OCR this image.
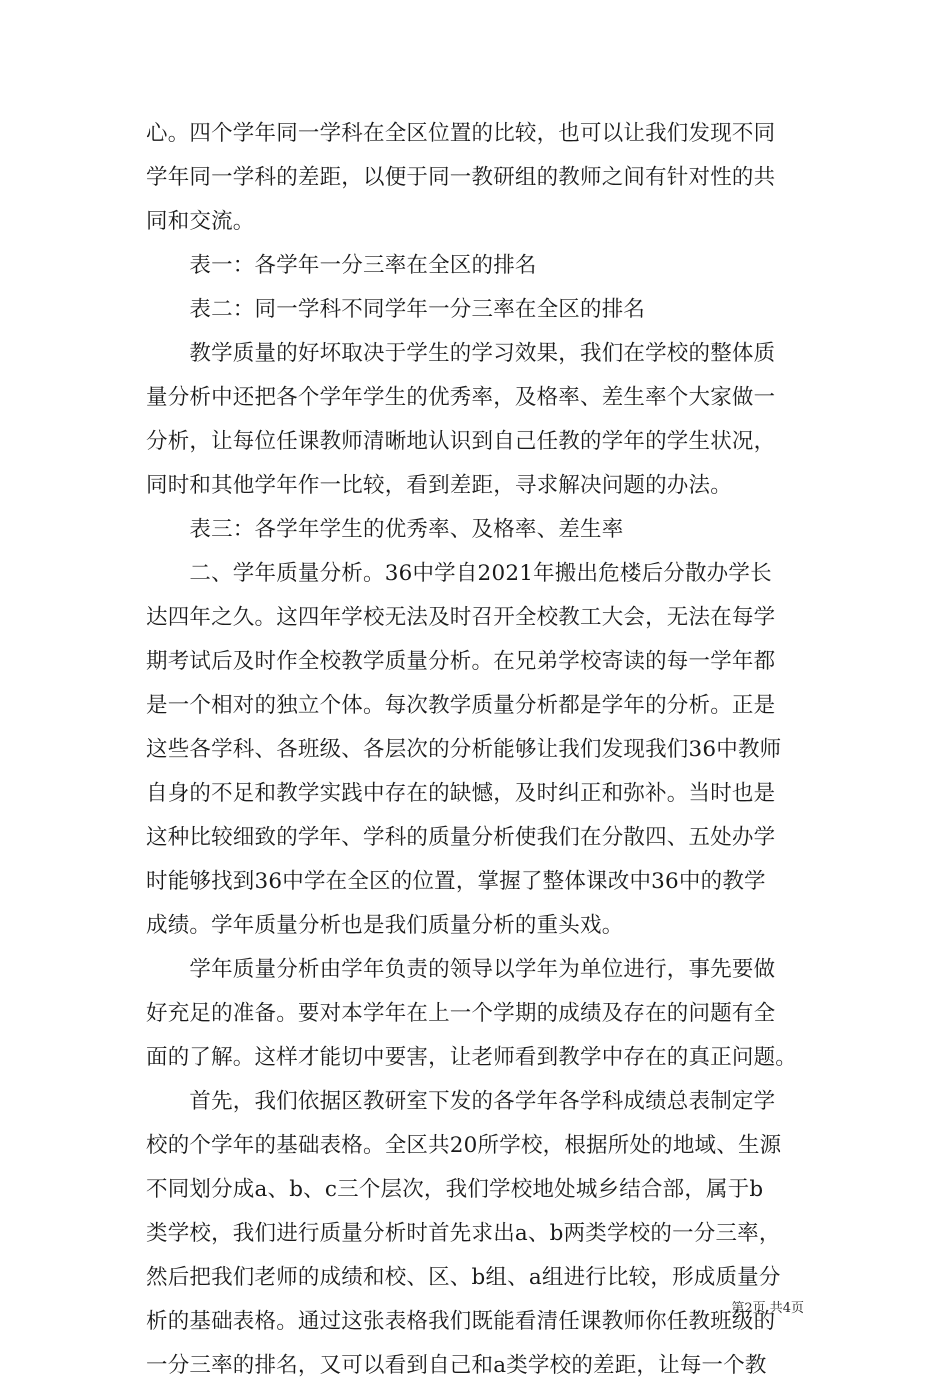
心。四个学年同一学科在全区位置的比较，也可以让我们发现不同
学年同一学科的差距，以便于同一教研组的教师之间有针对性的共
同和交流。
　　表一：各学年一分三率在全区的排名
　　表二：同一学科不同学年一分三率在全区的排名
　　教学质量的好坏取决于学生的学习效果，我们在学校的整体质
量分析中还把各个学年学生的优秀率，及格率、差生率个大家做一
分析，让每位任课教师清晰地认识到自己任教的学年的学生状况，
同时和其他学年作一比较，看到差距，寻求解决问题的办法。
　　表三：各学年学生的优秀率、及格率、差生率
　　二、学年质量分析。36中学自2021年搬出危楼后分散办学长
达四年之久。这四年学校无法及时召开全校教工大会，无法在每学
期考试后及时作全校教学质量分析。在兄弟学校寄读的每一学年都
是一个相对的独立个体。每次教学质量分析都是学年的分析。正是
这些各学科、各班级、各层次的分析能够让我们发现我们36中教师
自身的不足和教学实践中存在的缺憾，及时纠正和弥补。当时也是
这种比较细致的学年、学科的质量分析使我们在分散四、五处办学
时能够找到36中学在全区的位置，掌握了整体课改中36中的教学
成绩。学年质量分析也是我们质量分析的重头戏。
　　学年质量分析由学年负责的领导以学年为单位进行，事先要做
好充足的准备。要对本学年在上一个学期的成绩及存在的问题有全
面的了解。这样才能切中要害，让老师看到教学中存在的真正问题。
　　首先，我们依据区教研室下发的各学年各学科成绩总表制定学
校的个学年的基础表格。全区共20所学校，根据所处的地域、生源
不同划分成a、b、c三个层次，我们学校地处城乡结合部，属于b
类学校，我们进行质量分析时首先求出a、b两类学校的一分三率，
然后把我们老师的成绩和校、区、b组、a组进行比较，形成质量分
析的基础表格。通过这张表格我们既能看清任课教师你任教班级的
一分三率的排名，又可以看到自己和a类学校的差距，让每一个教
第2页 共4页
